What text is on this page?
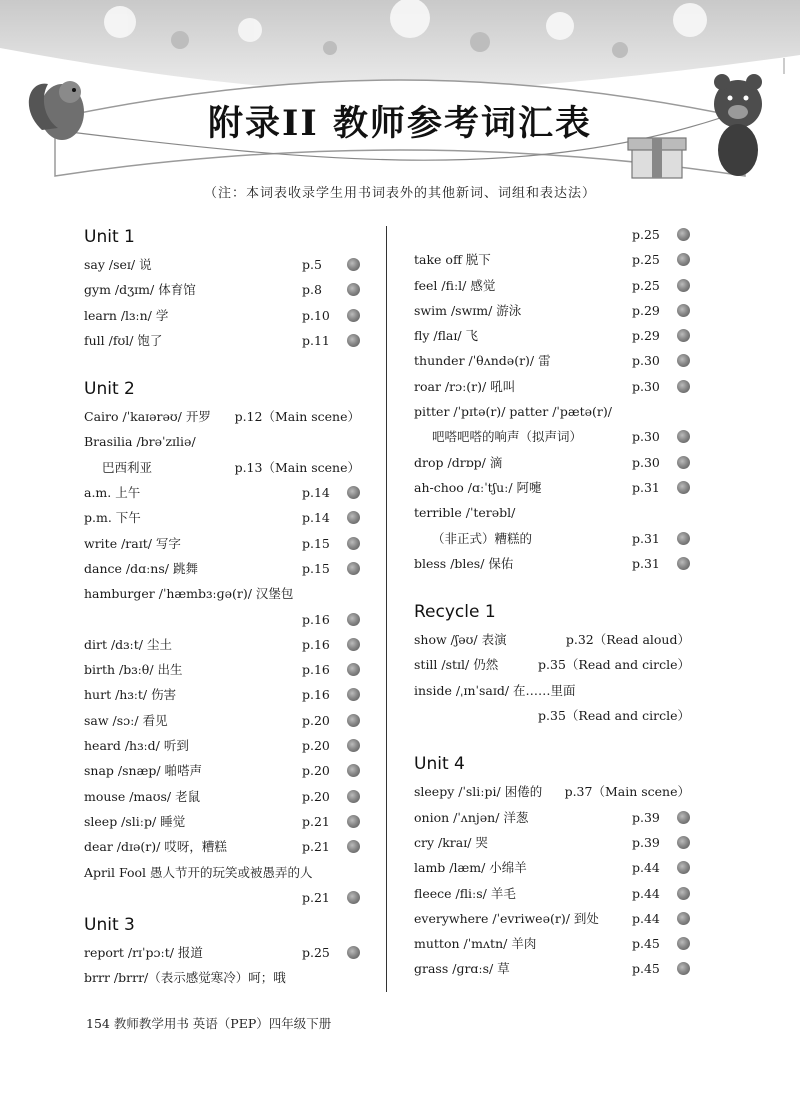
附录II 教师参考词汇表
（注：本词表收录学生用书词表外的其他新词、词组和表达法）
Unit 1
say /seɪ/ 说	p.5
gym /dʒɪm/ 体育馆	p.8
learn /lɜːn/ 学	p.10
full /fʊl/ 饱了	p.11
Unit 2
Cairo /ˈkaɪərəʊ/ 开罗 p.12（Main scene）
Brasilia /brəˈzɪliə/
巴西利亚	p.13（Main scene）
a.m. 上午	p.14
p.m. 下午	p.14
write /raɪt/ 写字	p.15
dance /dɑːns/ 跳舞	p.15
hamburger /ˈhæmbɜːɡə(r)/ 汉堡包
p.16
dirt /dɜːt/ 尘土	p.16
birth /bɜːθ/ 出生	p.16
hurt /hɜːt/ 伤害	p.16
saw /sɔː/ 看见	p.20
heard /hɜːd/ 听到	p.20
snap /snæp/ 啪嗒声	p.20
mouse /maʊs/ 老鼠	p.20
sleep /sliːp/ 睡觉	p.21
dear /dɪə(r)/ 哎呀，糟糕	p.21
April Fool 愚人节开的玩笑或被愚弄的人
p.21
Unit 3
report /rɪˈpɔːt/ 报道	p.25
brrr /brrr/（表示感觉寒冷）呵；哦
p.25
take off 脱下	p.25
feel /fiːl/ 感觉	p.25
swim /swɪm/ 游泳	p.29
fly /flaɪ/ 飞	p.29
thunder /ˈθʌndə(r)/ 雷	p.30
roar /rɔː(r)/ 吼叫	p.30
pitter /ˈpɪtə(r)/ patter /ˈpætə(r)/
吧嗒吧嗒的响声（拟声词）	p.30
drop /drɒp/ 滴	p.30
ah-choo /ɑːˈtʃuː/ 阿嚏	p.31
terrible /ˈterəbl/
（非正式）糟糕的	p.31
bless /bles/ 保佑	p.31
Recycle 1
show /ʃəʊ/ 表演	p.32（Read aloud）
still /stɪl/ 仍然	p.35（Read and circle）
inside /ˌɪnˈsaɪd/ 在……里面
p.35（Read and circle）
Unit 4
sleepy /ˈsliːpi/ 困倦的 p.37（Main scene）
onion /ˈʌnjən/ 洋葱	p.39
cry /kraɪ/ 哭	p.39
lamb /læm/ 小绵羊	p.44
fleece /fliːs/ 羊毛	p.44
everywhere /ˈevriweə(r)/ 到处	p.44
mutton /ˈmʌtn/ 羊肉	p.45
grass /ɡrɑːs/ 草	p.45
154 教师教学用书 英语（PEP）四年级下册
